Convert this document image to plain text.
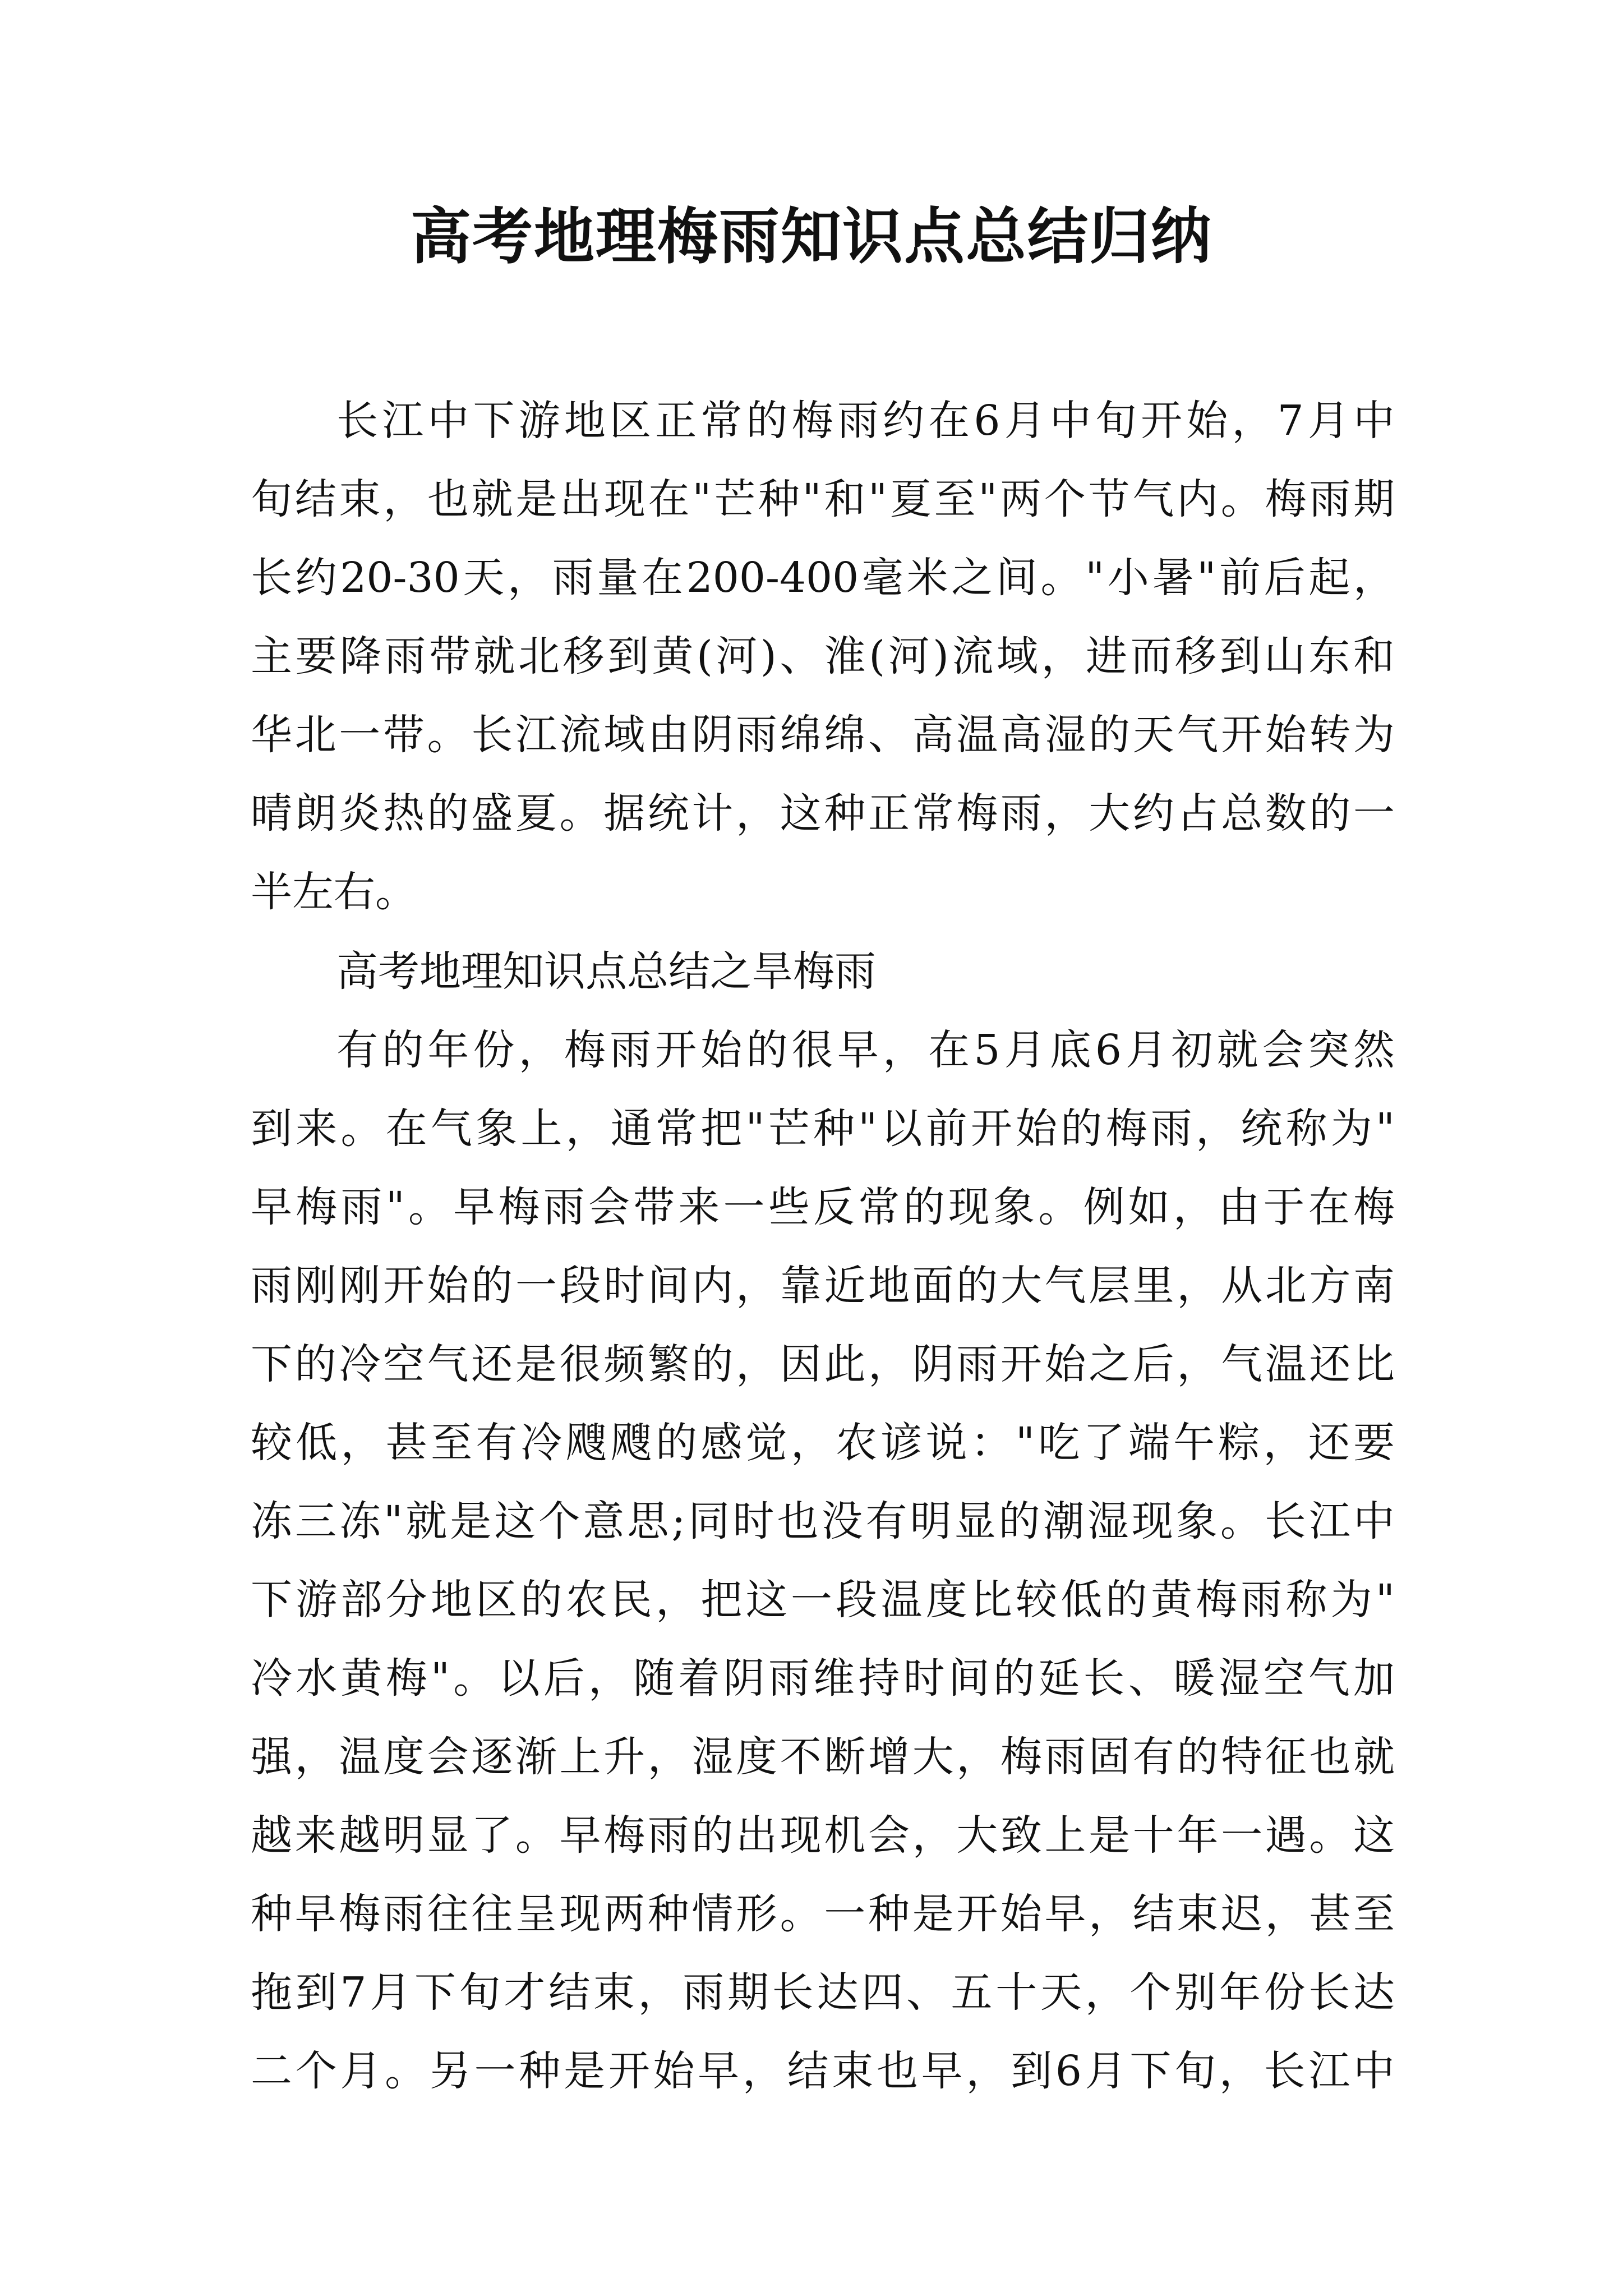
高考地理梅雨知识点总结归纳

长江中下游地区正常的梅雨约在6月中旬开始，7月中

旬结束，也就是出现在"芒种"和"夏至"两个节气内。梅雨期

长约20-30天，雨量在200-400毫米之间。"小暑"前后起，

主要降雨带就北移到黄(河)、淮(河)流域，进而移到山东和

华北一带。长江流域由阴雨绵绵、高温高湿的天气开始转为

晴朗炎热的盛夏。据统计，这种正常梅雨，大约占总数的一

半左右。

高考地理知识点总结之旱梅雨

有的年份，梅雨开始的很早，在5月底6月初就会突然

到来。在气象上，通常把"芒种"以前开始的梅雨，统称为"

早梅雨"。早梅雨会带来一些反常的现象。例如，由于在梅

雨刚刚开始的一段时间内，靠近地面的大气层里，从北方南

下的冷空气还是很频繁的，因此，阴雨开始之后，气温还比

较低，甚至有冷飕飕的感觉，农谚说："吃了端午粽，还要

冻三冻"就是这个意思;同时也没有明显的潮湿现象。长江中

下游部分地区的农民，把这一段温度比较低的黄梅雨称为"

冷水黄梅"。以后，随着阴雨维持时间的延长、暖湿空气加

强，温度会逐渐上升，湿度不断增大，梅雨固有的特征也就

越来越明显了。早梅雨的出现机会，大致上是十年一遇。这

种早梅雨往往呈现两种情形。一种是开始早，结束迟，甚至

拖到7月下旬才结束，雨期长达四、五十天，个别年份长达

二个月。另一种是开始早，结束也早，到6月下旬，长江中
